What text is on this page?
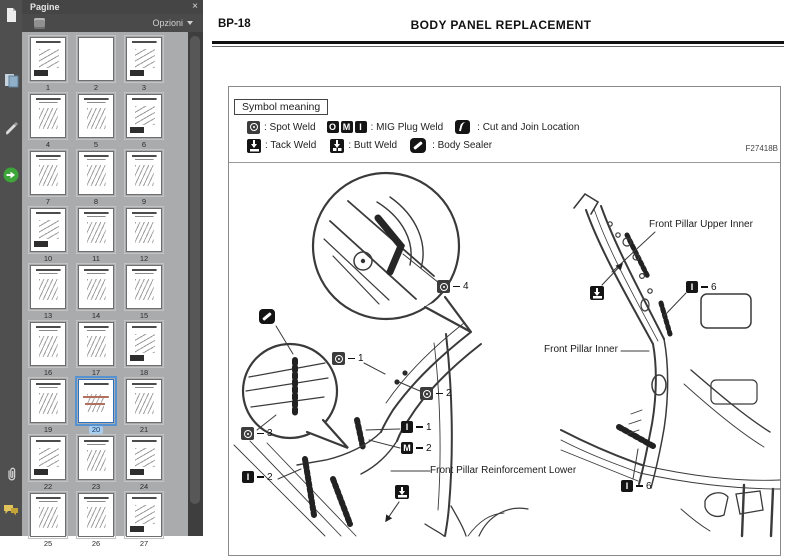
Pagine	×
Opzioni
1	2	3
4	5	6
7	8	9
10	11	12
13	14	15
16	17	18
19	20	21
22	23	24
25	26	27
BODY PANEL REPLACEMENT
BP-18
Symbol meaning
: Spot Weld O M I : MIG Plug Weld	: Cut and Join Location
: Tack Weld	: Butt Weld	: Body Sealer	F27418B
4
1
2
3
I	1
M 2
I	2
I	6
I	6
Front Pillar Upper Inner
Front Pillar Inner
Front Pillar Reinforcement Lower
